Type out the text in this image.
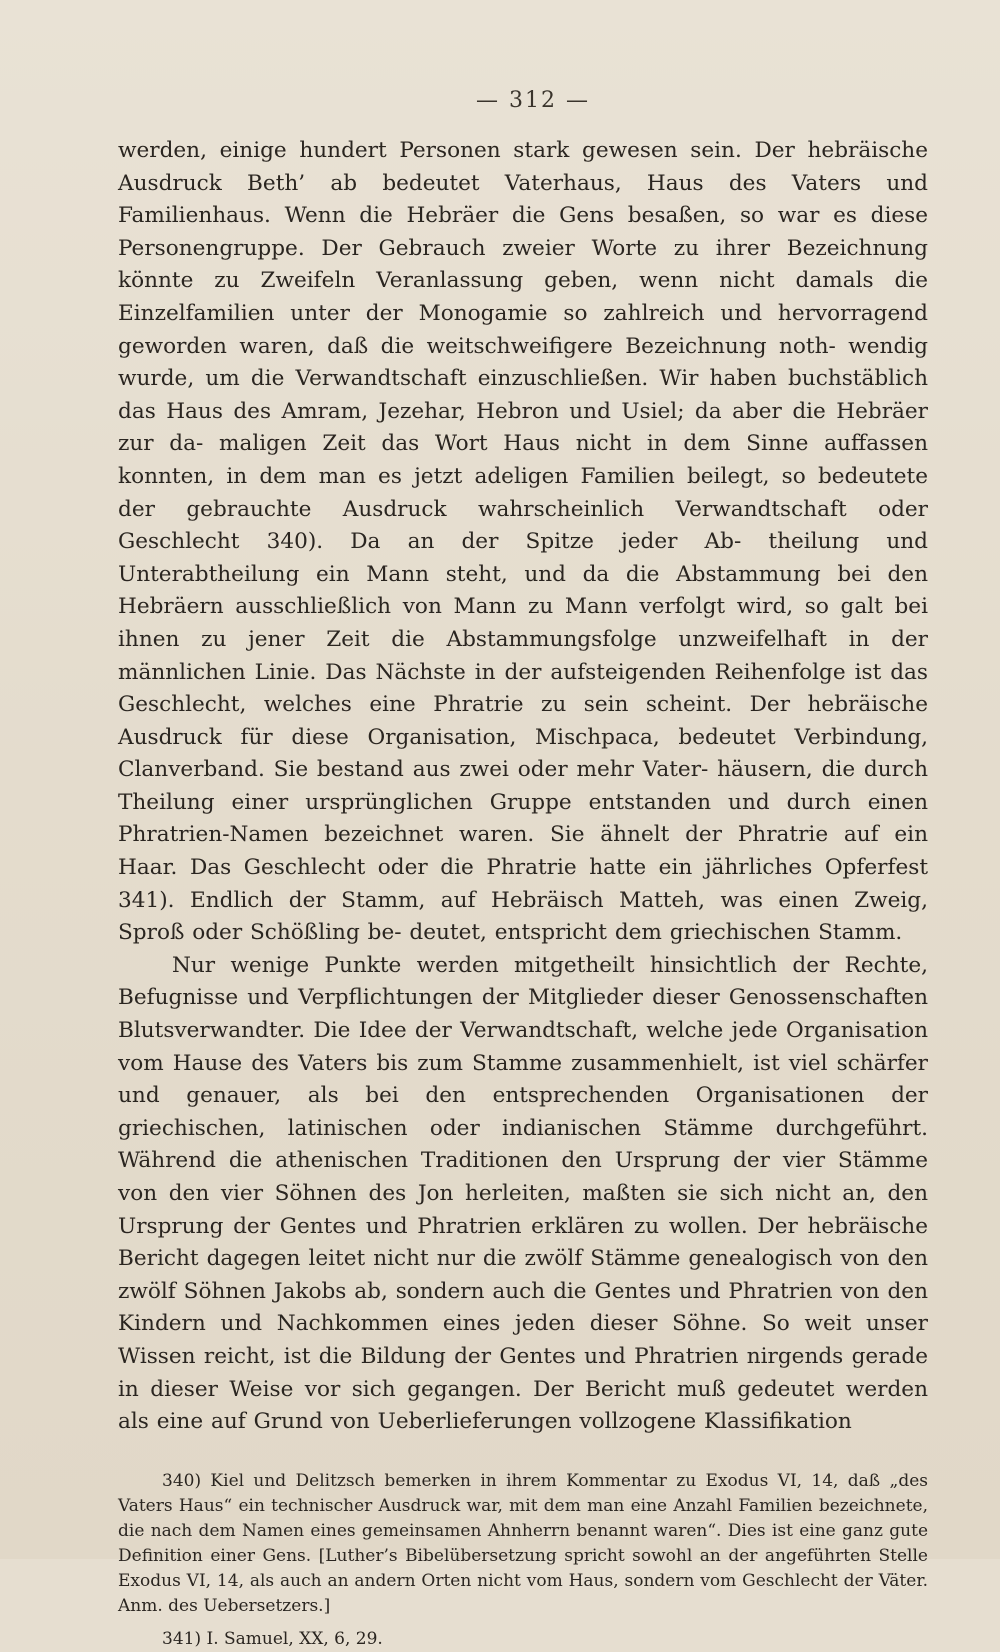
— 312 —

werden, einige hundert Personen stark gewesen sein. Der hebräische Ausdruck Beth’ ab bedeutet Vaterhaus, Haus des Vaters und Familienhaus. Wenn die Hebräer die Gens besaßen, so war es diese Personengruppe. Der Gebrauch zweier Worte zu ihrer Bezeichnung könnte zu Zweifeln Veranlassung geben, wenn nicht damals die Einzelfamilien unter der Monogamie so zahlreich und hervorragend geworden waren, daß die weitschweifigere Bezeichnung noth- wendig wurde, um die Verwandtschaft einzuschließen. Wir haben buchstäblich das Haus des Amram, Jezehar, Hebron und Usiel; da aber die Hebräer zur da- maligen Zeit das Wort Haus nicht in dem Sinne auffassen konnten, in dem man es jetzt adeligen Familien beilegt, so bedeutete der gebrauchte Ausdruck wahrscheinlich Verwandtschaft oder Geschlecht 340). Da an der Spitze jeder Ab- theilung und Unterabtheilung ein Mann steht, und da die Abstammung bei den Hebräern ausschließlich von Mann zu Mann verfolgt wird, so galt bei ihnen zu jener Zeit die Abstammungsfolge unzweifelhaft in der männlichen Linie. Das Nächste in der aufsteigenden Reihenfolge ist das Geschlecht, welches eine Phratrie zu sein scheint. Der hebräische Ausdruck für diese Organisation, Mischpaca, bedeutet Verbindung, Clanverband. Sie bestand aus zwei oder mehr Vater- häusern, die durch Theilung einer ursprünglichen Gruppe entstanden und durch einen Phratrien-Namen bezeichnet waren. Sie ähnelt der Phratrie auf ein Haar. Das Geschlecht oder die Phratrie hatte ein jährliches Opferfest 341). Endlich der Stamm, auf Hebräisch Matteh, was einen Zweig, Sproß oder Schößling be- deutet, entspricht dem griechischen Stamm.

Nur wenige Punkte werden mitgetheilt hinsichtlich der Rechte, Befugnisse und Verpflichtungen der Mitglieder dieser Genossenschaften Blutsverwandter. Die Idee der Verwandtschaft, welche jede Organisation vom Hause des Vaters bis zum Stamme zusammenhielt, ist viel schärfer und genauer, als bei den entsprechenden Organisationen der griechischen, latinischen oder indianischen Stämme durchgeführt. Während die athenischen Traditionen den Ursprung der vier Stämme von den vier Söhnen des Jon herleiten, maßten sie sich nicht an, den Ursprung der Gentes und Phratrien erklären zu wollen. Der hebräische Bericht dagegen leitet nicht nur die zwölf Stämme genealogisch von den zwölf Söhnen Jakobs ab, sondern auch die Gentes und Phratrien von den Kindern und Nachkommen eines jeden dieser Söhne. So weit unser Wissen reicht, ist die Bildung der Gentes und Phratrien nirgends gerade in dieser Weise vor sich gegangen. Der Bericht muß gedeutet werden als eine auf Grund von Ueberlieferungen vollzogene Klassifikation

340) Kiel und Delitzsch bemerken in ihrem Kommentar zu Exodus VI, 14, daß „des Vaters Haus“ ein technischer Ausdruck war, mit dem man eine Anzahl Familien bezeichnete, die nach dem Namen eines gemeinsamen Ahnherrn benannt waren“. Dies ist eine ganz gute Definition einer Gens. [Luther’s Bibelübersetzung spricht sowohl an der angeführten Stelle Exodus VI, 14, als auch an andern Orten nicht vom Haus, sondern vom Geschlecht der Väter. Anm. des Uebersetzers.]

341) I. Samuel, XX, 6, 29.
